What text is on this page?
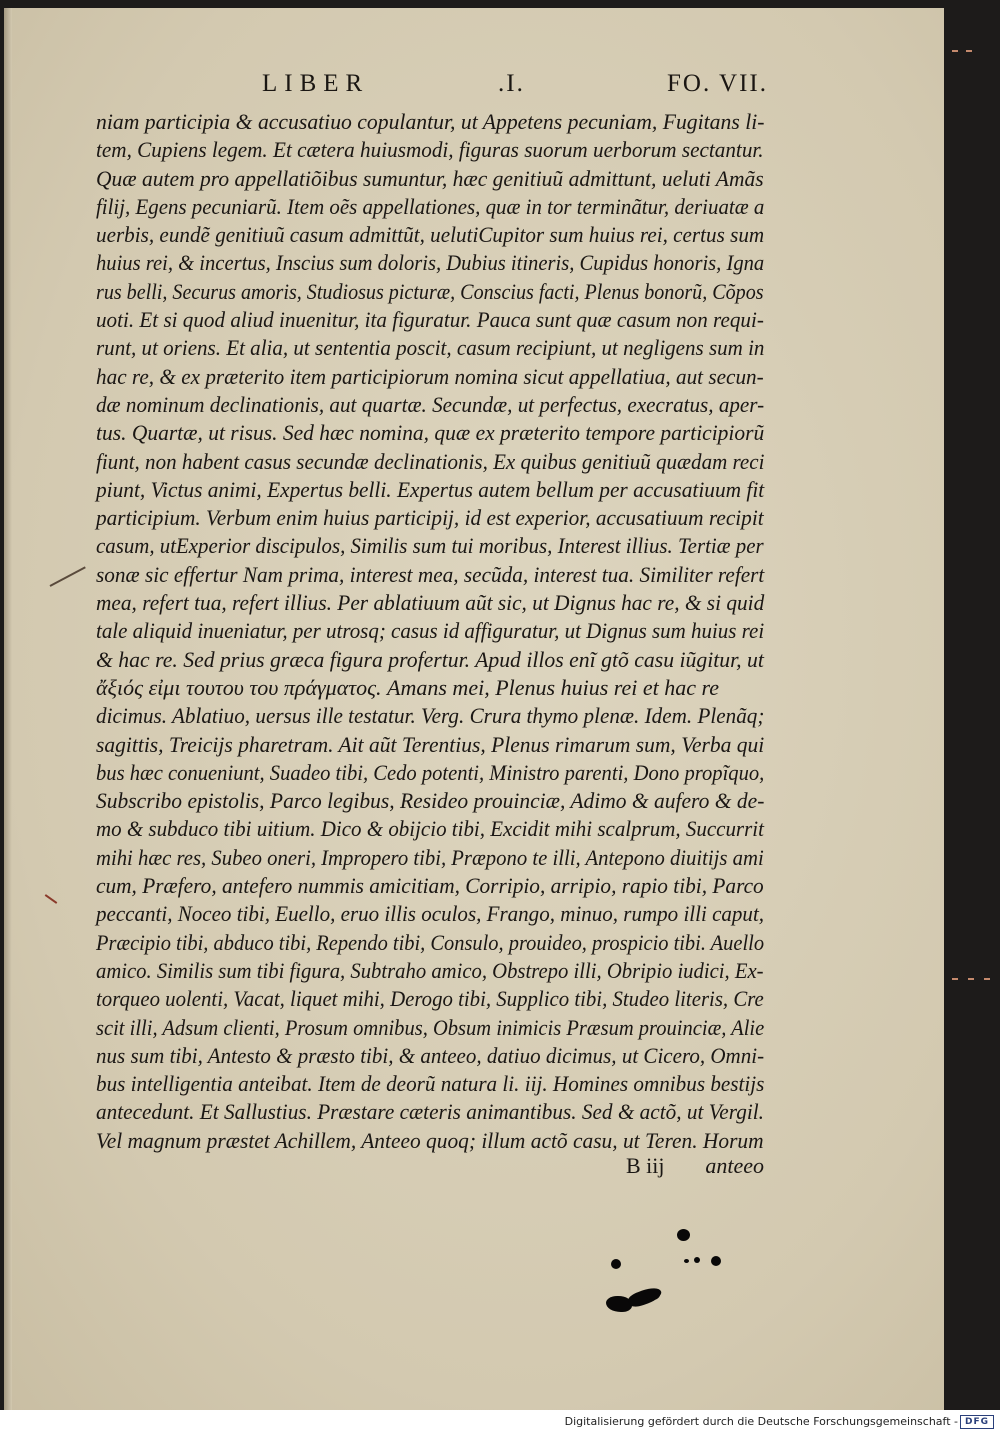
LIBER	.I.	FO. VII.
niam participia & accusatiuo copulantur, ut Appetens pecuniam, Fugitans li-
tem, Cupiens legem. Et cætera huiusmodi, figuras suorum uerborum sectantur.
Quæ autem pro appellatiõibus sumuntur, hæc genitiuũ admittunt, ueluti Amãs
filij, Egens pecuniarũ. Item oẽs appellationes, quæ in tor terminãtur, deriuatæ a
uerbis, eundẽ genitiuũ casum admittũt, uelutiCupitor sum huius rei, certus sum
huius rei, & incertus, Inscius sum doloris, Dubius itineris, Cupidus honoris, Igna
rus belli, Securus amoris, Studiosus picturæ, Conscius facti, Plenus bonorũ, Cõpos
uoti. Et si quod aliud inuenitur, ita figuratur. Pauca sunt quæ casum non requi-
runt, ut oriens. Et alia, ut sententia poscit, casum recipiunt, ut negligens sum in
hac re, & ex præterito item participiorum nomina sicut appellatiua, aut secun-
dæ nominum declinationis, aut quartæ. Secundæ, ut perfectus, execratus, aper-
tus. Quartæ, ut risus. Sed hæc nomina, quæ ex præterito tempore participiorũ
fiunt, non habent casus secundæ declinationis, Ex quibus genitiuũ quædam reci
piunt, Victus animi, Expertus belli. Expertus autem bellum per accusatiuum fit
participium. Verbum enim huius participij, id est experior, accusatiuum recipit
casum, utExperior discipulos, Similis sum tui moribus, Interest illius. Tertiæ per
sonæ sic effertur Nam prima, interest mea, secũda, interest tua. Similiter refert
mea, refert tua, refert illius. Per ablatiuum aũt sic, ut Dignus hac re, & si quid
tale aliquid inueniatur, per utrosq; casus id affiguratur, ut Dignus sum huius rei
& hac re. Sed prius græca figura profertur. Apud illos enĩ gtõ casu iũgitur, ut
ἄξιός εἰμι τουτου του πράγματος. Amans mei, Plenus huius rei et hac re
dicimus. Ablatiuo, uersus ille testatur. Verg. Crura thymo plenæ. Idem. Plenãq;
sagittis, Treicijs pharetram. Ait aũt Terentius, Plenus rimarum sum, Verba qui
bus hæc conueniunt, Suadeo tibi, Cedo potenti, Ministro parenti, Dono propĩquo,
Subscribo epistolis, Parco legibus, Resideo prouinciæ, Adimo & aufero & de-
mo & subduco tibi uitium. Dico & obijcio tibi, Excidit mihi scalprum, Succurrit
mihi hæc res, Subeo oneri, Impropero tibi, Præpono te illi, Antepono diuitijs ami
cum, Præfero, antefero nummis amicitiam, Corripio, arripio, rapio tibi, Parco
peccanti, Noceo tibi, Euello, eruo illis oculos, Frango, minuo, rumpo illi caput,
Præcipio tibi, abduco tibi, Rependo tibi, Consulo, prouideo, prospicio tibi. Auello
amico. Similis sum tibi figura, Subtraho amico, Obstrepo illi, Obripio iudici, Ex-
torqueo uolenti, Vacat, liquet mihi, Derogo tibi, Supplico tibi, Studeo literis, Cre
scit illi, Adsum clienti, Prosum omnibus, Obsum inimicis Præsum prouinciæ, Alie
nus sum tibi, Antesto & præsto tibi, & anteeo, datiuo dicimus, ut Cicero, Omni-
bus intelligentia anteibat. Item de deorũ natura li. iij. Homines omnibus bestijs
antecedunt. Et Sallustius. Præstare cæteris animantibus. Sed & actõ, ut Vergil.
Vel magnum præstet Achillem, Anteeo quoq; illum actõ casu, ut Teren. Horum
B iij anteeo
Digitalisierung gefördert durch die Deutsche Forschungsgemeinschaft - DFG
